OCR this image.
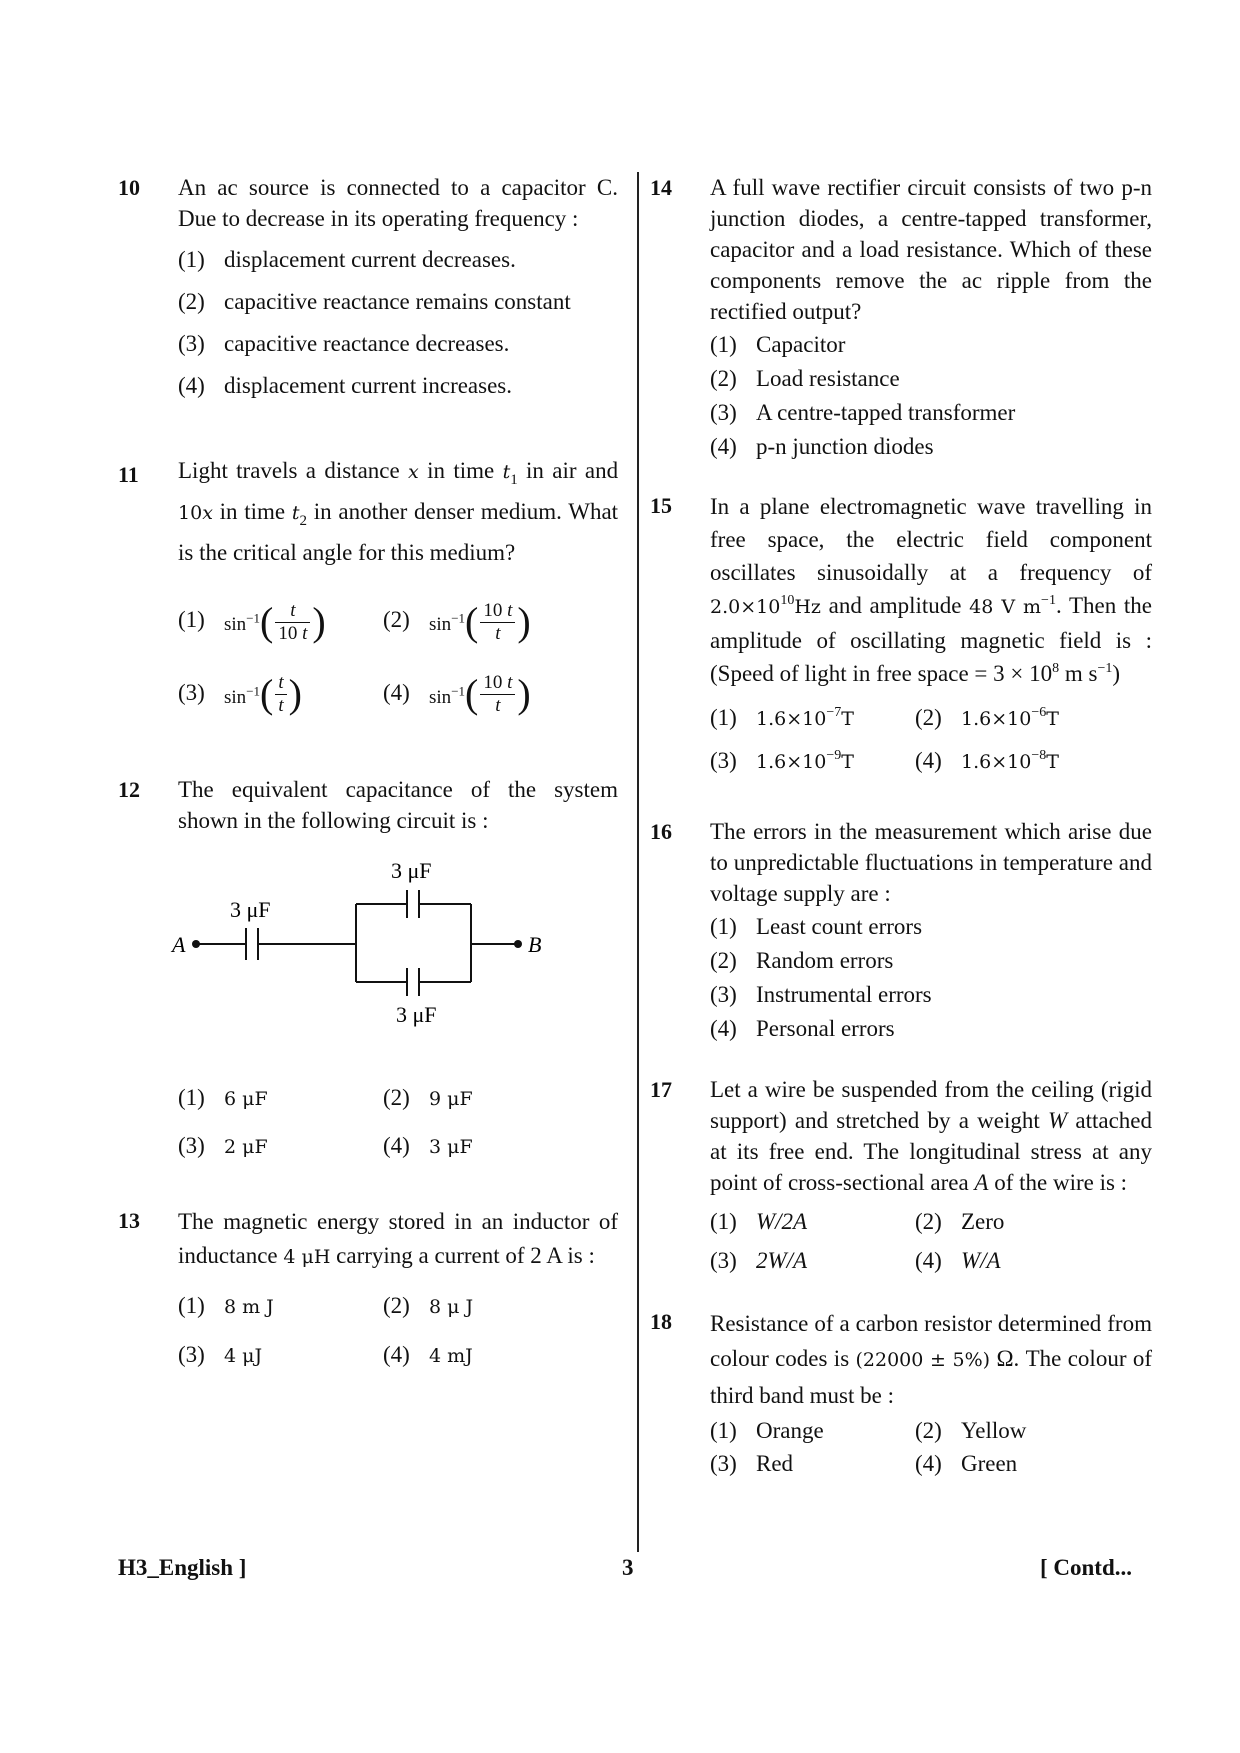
10 An ac source is connected to a capacitor C. Due to decrease in its operating frequency :
(1) displacement current decreases.
(2) capacitive reactance remains constant
(3) capacitive reactance decreases.
(4) displacement current increases.
11 Light travels a distance x in time $t_1$ in air and 10x in time $t_2$ in another denser medium. What is the critical angle for this medium?
(1) $\sin^{-1}( \frac{t}{10 t}$ )	(2) $\sin^{-1}( \frac{10 t}{t}$ )
(3) $\sin^{-1}( \frac{t}{t}$ )	(4) $\sin^{-1}( \frac{10 t}{t}$ )
12 The equivalent capacitance of the system shown in the following circuit is :
A	B
3 μF
3 μF
3 μF
(1) 6 μF	(2) 9 μF
(3) 2 μF	(4) 3 μF
13 The magnetic energy stored in an inductor of inductance 4 μH carrying a current of 2 A is :
(1) 8 m J	(2) 8 μ J
(3) 4 μJ	(4) 4 mJ
14 A full wave rectifier circuit consists of two p-n junction diodes, a centre-tapped transformer, capacitor and a load resistance. Which of these components remove the ac ripple from the rectified output?
(1) Capacitor
(2) Load resistance
(3) A centre-tapped transformer
(4) p-n junction diodes
15 In a plane electromagnetic wave travelling in free space, the electric field component oscillates sinusoidally at a frequency of $2.0\times 10^{10}Hz$ and amplitude 48 V $m^{-1}$. Then the amplitude of oscillating magnetic field is : (Speed of light in free space = $3 \times 10^8$ m $s^{-1}$)
(1) $1.6\times 10^{-7}T$	(2) $1.6\times 10^{-6}T$
(3) $1.6\times 10^{-9}T$	(4) $1.6\times 10^{-8}T$
16 The errors in the measurement which arise due to unpredictable fluctuations in temperature and voltage supply are :
(1) Least count errors
(2) Random errors
(3) Instrumental errors
(4) Personal errors
17 Let a wire be suspended from the ceiling (rigid support) and stretched by a weight W attached at its free end. The longitudinal stress at any point of cross-sectional area A of the wire is :
(1) W/2A	(2) Zero
(3) 2W/A	(4) W/A
18 Resistance of a carbon resistor determined from colour codes is (22000 ± 5%) Ω. The colour of third band must be :
(1) Orange	(2) Yellow
(3) Red	(4) Green
H3_English ]	3	[ Contd...
